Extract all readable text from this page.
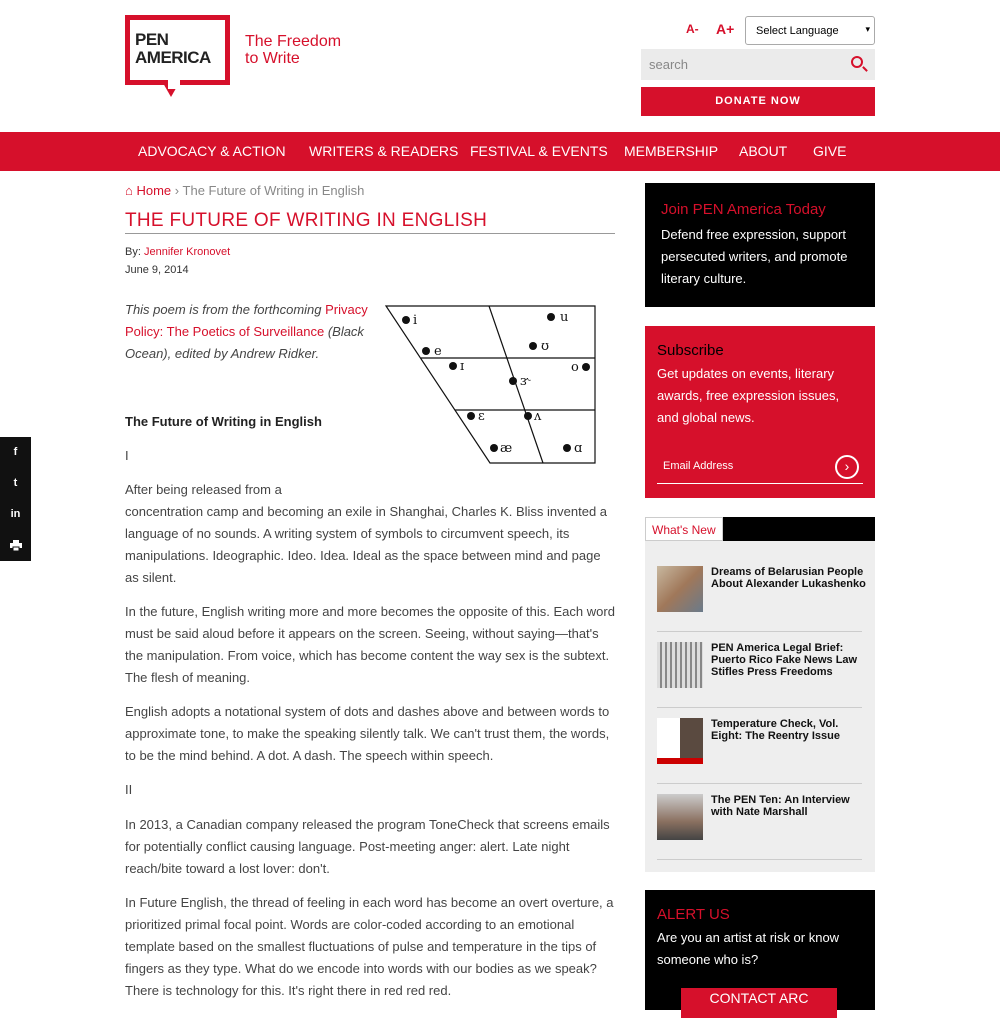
PEN
AMERICA
The Freedom
to Write
A- A+	Select Language	▾
search
DONATE NOW
ADVOCACY & ACTION WRITERS & READERS FESTIVAL & EVENTS MEMBERSHIP ABOUT GIVE
f
t
in
⌂ Home › The Future of Writing in English
THE FUTURE OF WRITING IN ENGLISH
By: Jennifer Kronovet
June 9, 2014
This poem is from the forthcoming Privacy Policy: The Poetics of Surveillance (Black Ocean), edited by Andrew Ridker.
i	u
e	ʊ
ɪ	o
ɝ
ɛ	ʌ
æ	ɑ
The Future of Writing in English
I
After being released from a
concentration camp and becoming an exile in Shanghai, Charles K. Bliss invented a language of no sounds. A writing system of symbols to circumvent speech, its manipulations. Ideographic. Ideo. Idea. Ideal as the space between mind and page as silent.
In the future, English writing more and more becomes the opposite of this. Each word must be said aloud before it appears on the screen. Seeing, without saying—that's the manipulation. From voice, which has become content the way sex is the subtext. The flesh of meaning.
English adopts a notational system of dots and dashes above and between words to approximate tone, to make the speaking silently talk. We can't trust them, the words, to be the mind behind. A dot. A dash. The speech within speech.
II
In 2013, a Canadian company released the program ToneCheck that screens emails for potentially conflict causing language. Post-meeting anger: alert. Late night reach/bite toward a lost lover: don't.
In Future English, the thread of feeling in each word has become an overt overture, a prioritized primal focal point. Words are color-coded according to an emotional template based on the smallest fluctuations of pulse and temperature in the tips of fingers as they type. What do we encode into words with our bodies as we speak? There is technology for this. It's right there in red red red.
Join PEN America Today

Defend free expression, support persecuted writers, and promote literary culture.

Subscribe

Get updates on events, literary awards, free expression issues, and global news.

Email Address	›
What's New
Dreams of Belarusian People About Alexander Lukashenko
PEN America Legal Brief: Puerto Rico Fake News Law Stifles Press Freedoms
Temperature Check, Vol. Eight: The Reentry Issue
The PEN Ten: An Interview with Nate Marshall
ALERT US

Are you an artist at risk or know someone who is?

CONTACT ARC
